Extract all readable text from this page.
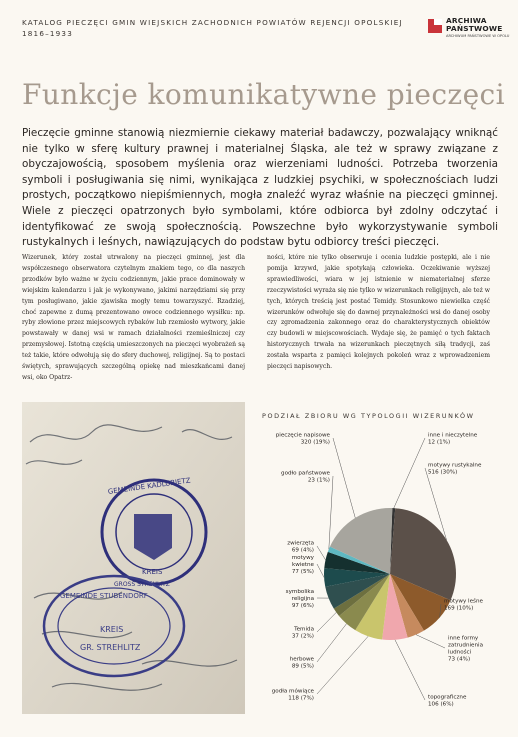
KATALOG PIECZĘCI GMIN WIEJSKICH ZACHODNICH POWIATÓW REJENCJI OPOLSKIEJ
1816–1933
ARCHIWA
PAŃSTWOWE
ARCHIWUM PAŃSTWOWE W OPOLU
Funkcje komunikatywne pieczęci
Pieczęcie gminne stanowią niezmiernie ciekawy materiał badawczy, pozwalający wniknąć nie tylko w sferę kultury prawnej i materialnej Śląska, ale też w sprawy związane z obyczajowością, sposobem myślenia oraz wierzeniami ludności. Potrzeba tworzenia symboli i posługiwania się nimi, wynikająca z ludzkiej psychiki, w społecznościach ludzi prostych, początkowo niepiśmiennych, mogła znaleźć wyraz właśnie na pieczęci gminnej. Wiele z pieczęci opatrzonych było symbolami, które odbiorca był zdolny odczytać i identyfikować ze swoją społecznością. Powszechne było wykorzystywanie symboli rustykalnych i leśnych, nawiązujących do podstaw bytu odbiorcy treści pieczęci.
Wizerunek, który został utrwalony na pieczęci gminnej, jest dla współczesnego obserwatora czytelnym znakiem tego, co dla naszych przodków było ważne w życiu codziennym, jakie prace dominowały w wiejskim kalendarzu i jak je wykonywano, jakimi narzędziami się przy tym posługiwano, jakie zjawiska mogły temu towarzyszyć. Rzadziej, choć zapewne z dumą prezentowano owoce codziennego wysiłku: np. ryby złowione przez miejscowych rybaków lub rzemiosło wytwory, jakie powstawały w danej wsi w ramach działalności rzemieślniczej czy przemysłowej. Istotną częścią umieszczonych na pieczęci wyobrażeń są też takie, które odwołują się do sfery duchowej, religijnej. Są to postaci świętych, sprawujących szczególną opiekę nad mieszkańcami danej wsi, oko Opatrz-
ności, które nie tylko obserwuje i ocenia ludzkie postępki, ale i nie pomija krzywd, jakie spotykają człowieka. Oczekiwanie wyższej sprawiedliwości, wiara w jej istnienie w niematerialnej sferze rzeczywistości wyraża się nie tylko w wizerunkach religijnych, ale też w tych, których treścią jest postać Temidy. Stosunkowo niewielka część wizerunków odwołuje się do dawnej przynależności wsi do danej osoby czy zgromadzenia zakonnego oraz do charakterystycznych obiektów czy budowli w miejscowościach. Wydaje się, że pamięć o tych faktach historycznych trwała na wizerunkach pieczętnych siłą tradycji, zaś została wsparta z pamięci kolejnych pokoleń wraz z wprowadzeniem pieczęci napisowych.
GEMEINDE KADLUBIETZ
KREIS
GROSS STREHLITZ
GEMEINDE STUBENDORF
KREIS
GR. STREHLITZ
PODZIAŁ ZBIORU WG TYPOLOGII WIZERUNKÓW
inne i nieczytelne 12 (1%)
motywy rustykalne 516 (30%)
motywy leśne 169 (10%)
inne formy zatrudnienia ludności 73 (4%)
topograficzne 106 (6%)
godła mówiące 118 (7%)
herbowe 89 (5%)
Temida 37 (2%)
symbolika religijna 97 (6%)
motywy kwietne 77 (5%)
zwierzęta 69 (4%)
godło państwowe 23 (1%)
pieczęcie napisowe 320 (19%)
